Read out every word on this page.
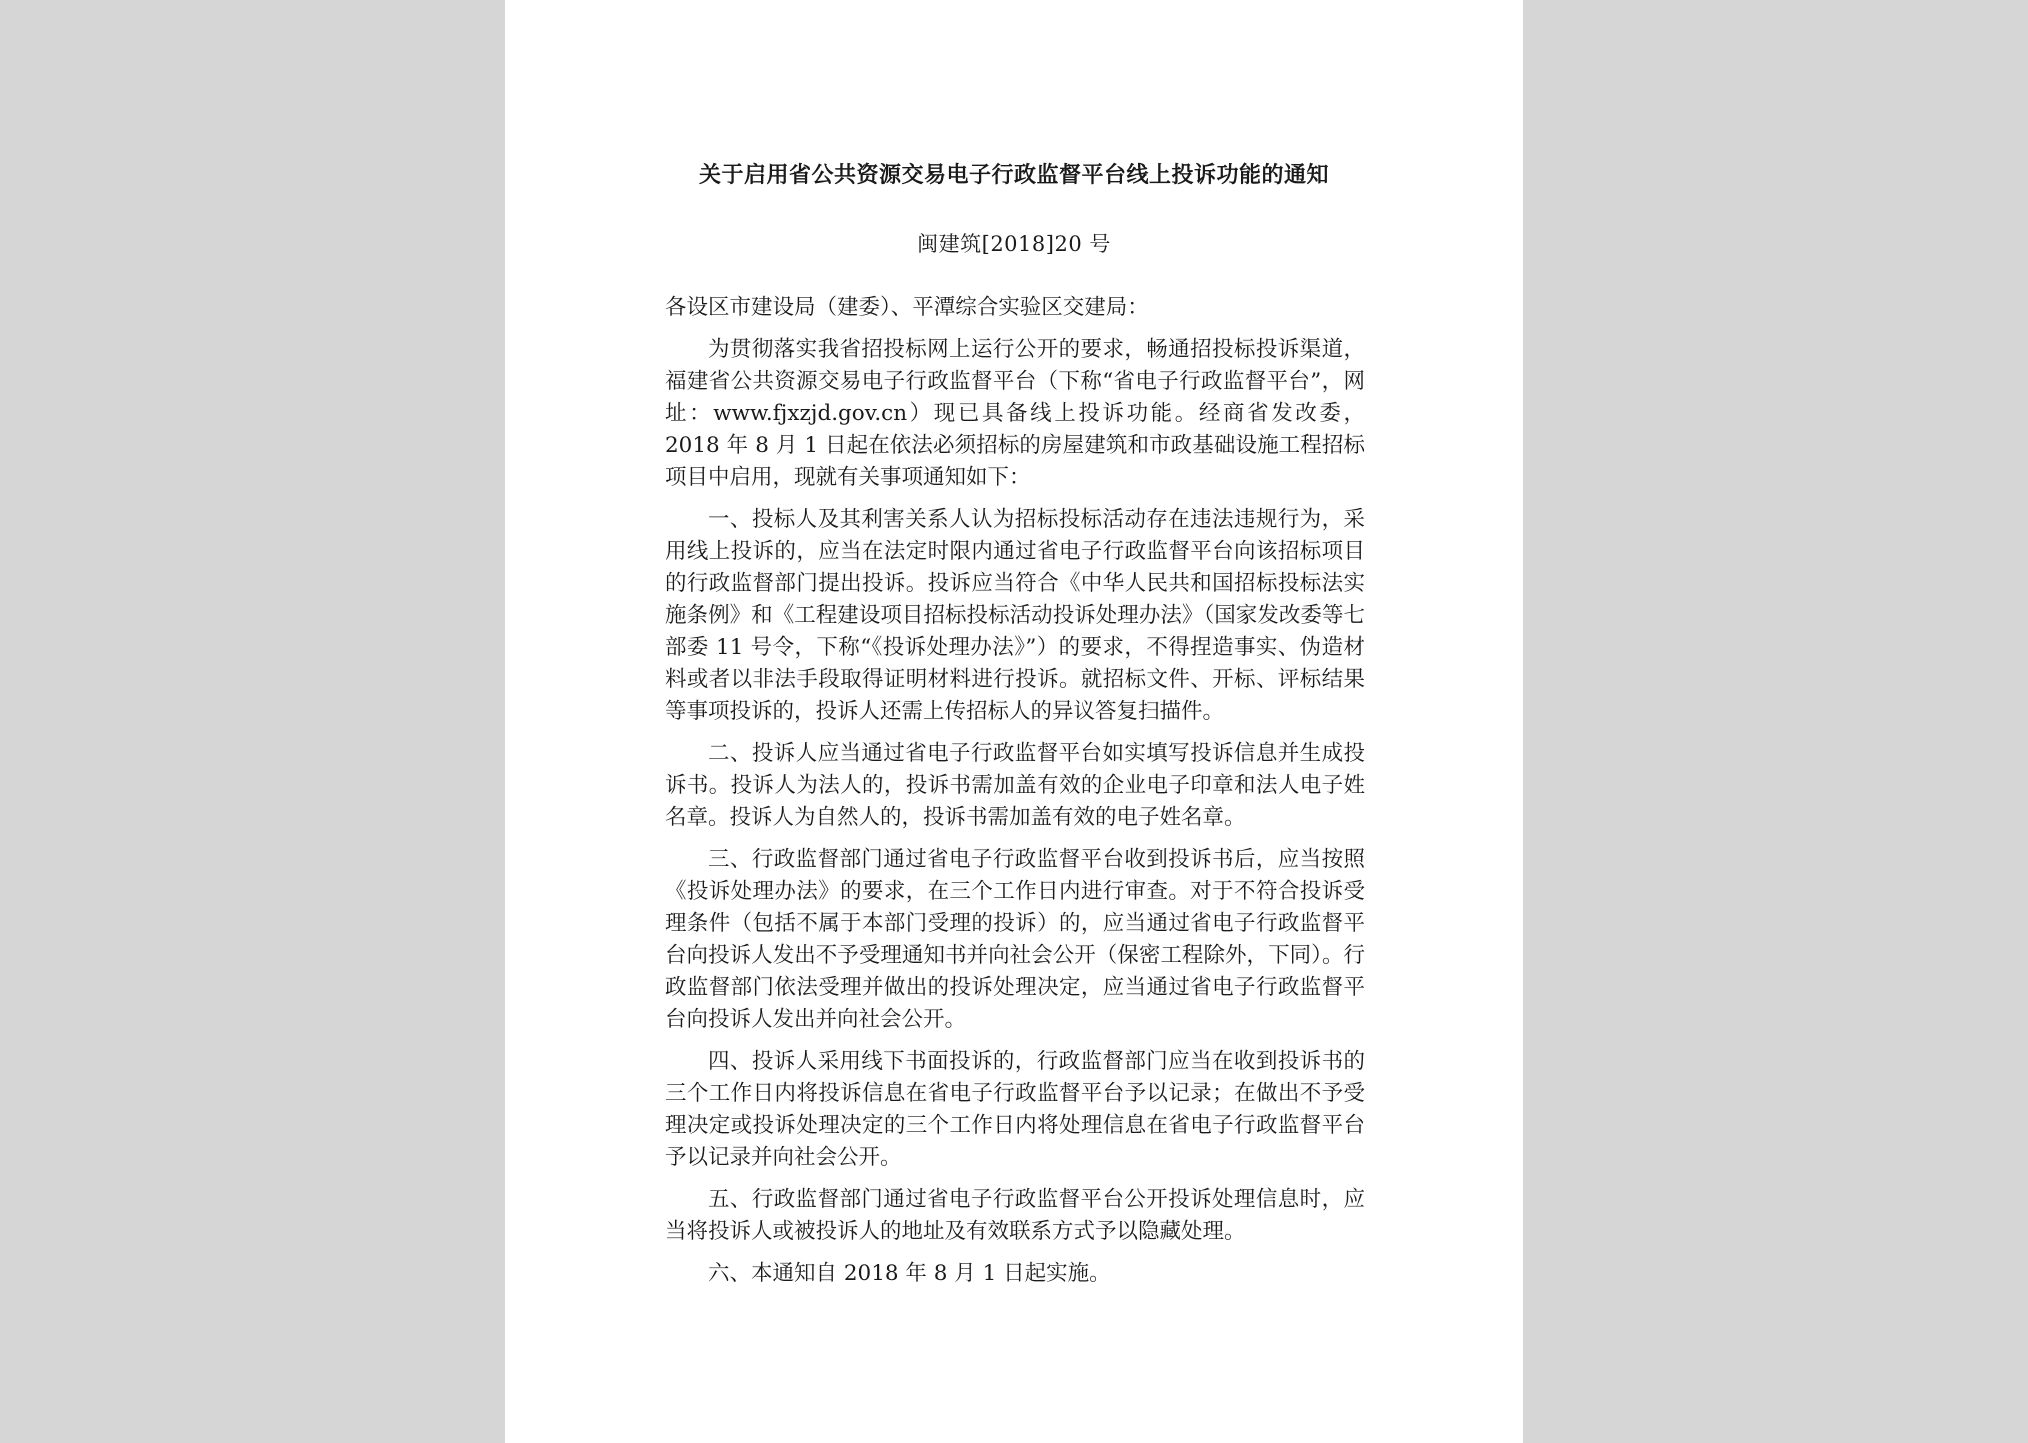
关于启用省公共资源交易电子行政监督平台线上投诉功能的通知
闽建筑[2018]20 号

各设区市建设局（建委）、平潭综合实验区交建局：

为贯彻落实我省招投标网上运行公开的要求，畅通招投标投诉渠道，福建省公共资源交易电子行政监督平台（下称“省电子行政监督平台”，网址：www.fjxzjd.gov.cn）现已具备线上投诉功能。经商省发改委，2018 年 8 月 1 日起在依法必须招标的房屋建筑和市政基础设施工程招标项目中启用，现就有关事项通知如下：

一、投标人及其利害关系人认为招标投标活动存在违法违规行为，采用线上投诉的，应当在法定时限内通过省电子行政监督平台向该招标项目的行政监督部门提出投诉。投诉应当符合《中华人民共和国招标投标法实施条例》和《工程建设项目招标投标活动投诉处理办法》（国家发改委等七部委 11 号令，下称“《投诉处理办法》”）的要求，不得捏造事实、伪造材料或者以非法手段取得证明材料进行投诉。就招标文件、开标、评标结果等事项投诉的，投诉人还需上传招标人的异议答复扫描件。

二、投诉人应当通过省电子行政监督平台如实填写投诉信息并生成投诉书。投诉人为法人的，投诉书需加盖有效的企业电子印章和法人电子姓名章。投诉人为自然人的，投诉书需加盖有效的电子姓名章。

三、行政监督部门通过省电子行政监督平台收到投诉书后，应当按照《投诉处理办法》的要求，在三个工作日内进行审查。对于不符合投诉受理条件（包括不属于本部门受理的投诉）的，应当通过省电子行政监督平台向投诉人发出不予受理通知书并向社会公开（保密工程除外，下同）。行政监督部门依法受理并做出的投诉处理决定，应当通过省电子行政监督平台向投诉人发出并向社会公开。

四、投诉人采用线下书面投诉的，行政监督部门应当在收到投诉书的三个工作日内将投诉信息在省电子行政监督平台予以记录；在做出不予受理决定或投诉处理决定的三个工作日内将处理信息在省电子行政监督平台予以记录并向社会公开。

五、行政监督部门通过省电子行政监督平台公开投诉处理信息时，应当将投诉人或被投诉人的地址及有效联系方式予以隐藏处理。

六、本通知自 2018 年 8 月 1 日起实施。
